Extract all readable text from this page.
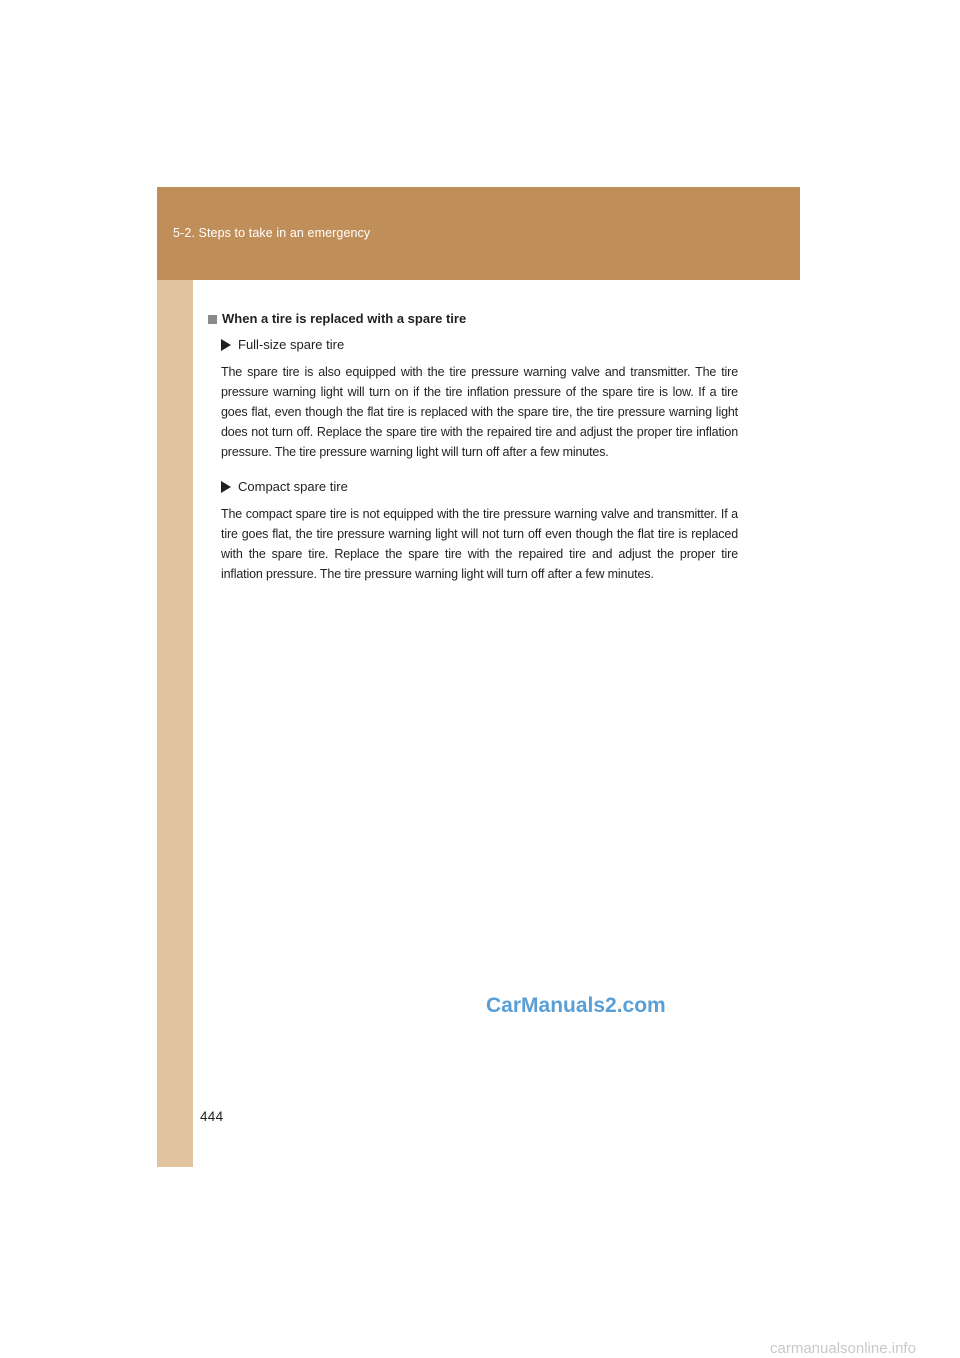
5-2. Steps to take in an emergency
When a tire is replaced with a spare tire
Full-size spare tire

The spare tire is also equipped with the tire pressure warning valve and transmitter. The tire pressure warning light will turn on if the tire inflation pressure of the spare tire is low. If a tire goes flat, even though the flat tire is replaced with the spare tire, the tire pressure warning light does not turn off. Replace the spare tire with the repaired tire and adjust the proper tire inflation pressure. The tire pressure warning light will turn off after a few minutes.

Compact spare tire

The compact spare tire is not equipped with the tire pressure warning valve and transmitter. If a tire goes flat, the tire pressure warning light will not turn off even though the flat tire is replaced with the spare tire. Replace the spare tire with the repaired tire and adjust the proper tire inflation pressure. The tire pressure warning light will turn off after a few minutes.

CarManuals2.com
444
carmanualsonline.info
